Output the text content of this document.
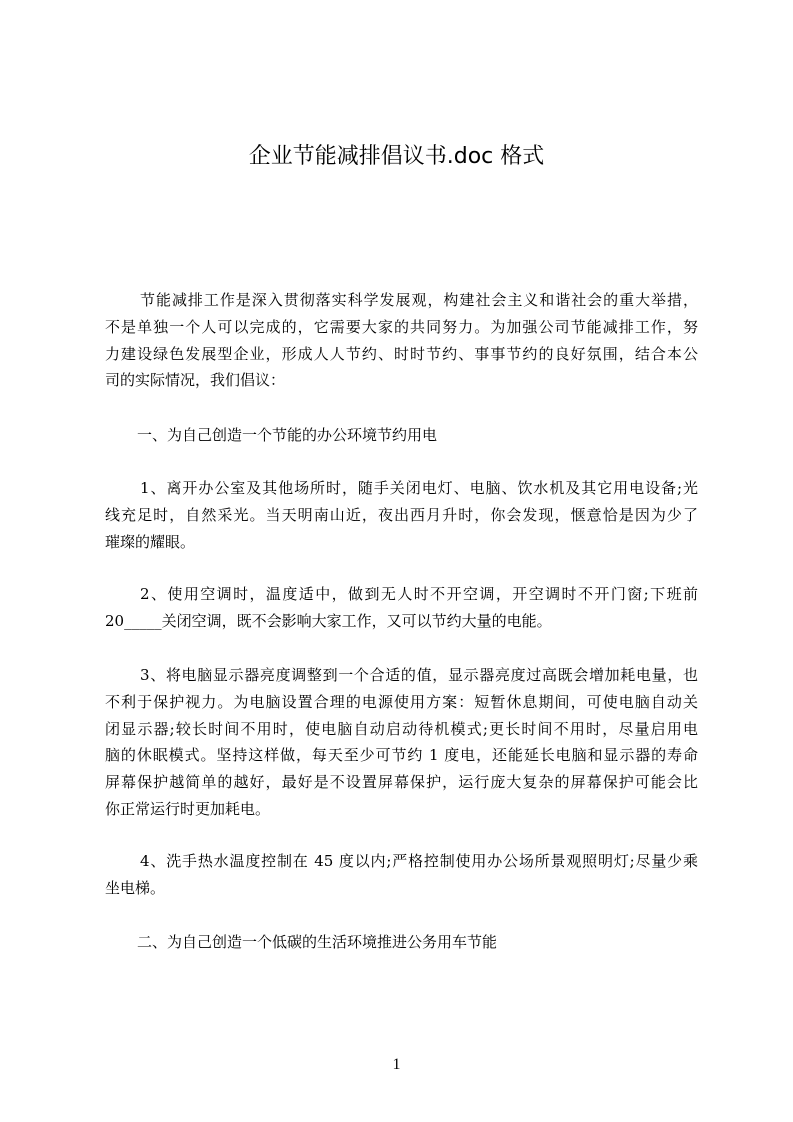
企业节能减排倡议书.doc 格式
节能减排工作是深入贯彻落实科学发展观，构建社会主义和谐社会的重大举措，
不是单独一个人可以完成的，它需要大家的共同努力。为加强公司节能减排工作，努
力建设绿色发展型企业，形成人人节约、时时节约、事事节约的良好氛围，结合本公
司的实际情况，我们倡议：
一、为自己创造一个节能的办公环境节约用电
1、离开办公室及其他场所时，随手关闭电灯、电脑、饮水机及其它用电设备;光
线充足时，自然采光。当天明南山近，夜出西月升时，你会发现，惬意恰是因为少了
璀璨的耀眼。
2、使用空调时，温度适中，做到无人时不开空调，开空调时不开门窗;下班前
20_____关闭空调，既不会影响大家工作，又可以节约大量的电能。
3、将电脑显示器亮度调整到一个合适的值，显示器亮度过高既会增加耗电量，也
不利于保护视力。为电脑设置合理的电源使用方案：短暂休息期间，可使电脑自动关
闭显示器;较长时间不用时，使电脑自动启动待机模式;更长时间不用时，尽量启用电
脑的休眠模式。坚持这样做，每天至少可节约 1 度电，还能延长电脑和显示器的寿命
屏幕保护越简单的越好，最好是不设置屏幕保护，运行庞大复杂的屏幕保护可能会比
你正常运行时更加耗电。
4、洗手热水温度控制在 45 度以内;严格控制使用办公场所景观照明灯;尽量少乘
坐电梯。
二、为自己创造一个低碳的生活环境推进公务用车节能
1
